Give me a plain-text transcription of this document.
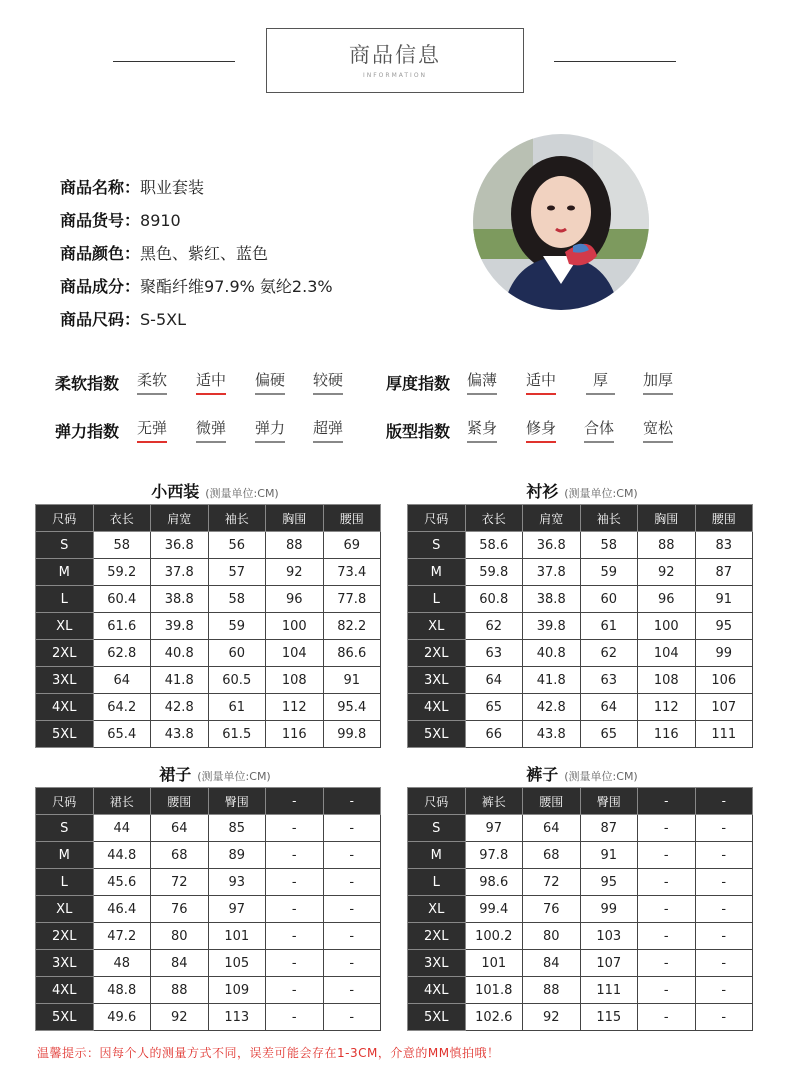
商品信息
INFORMATION
商品名称：职业套装
商品货号：8910
商品颜色：黑色、紫红、蓝色
商品成分：聚酯纤维97.9% 氨纶2.3%
商品尺码：S-5XL
柔软指数 柔软 适中 偏硬 较硬	厚度指数 偏薄 适中	厚	加厚
弹力指数 无弹 微弹 弹力 超弹	版型指数 紧身 修身 合体 宽松
小西装 (测量单位:CM)
尺码	衣长	肩宽	袖长	胸围	腰围
S	58	36.8	56	88	69
M	59.2	37.8	57	92	73.4
L	60.4	38.8	58	96	77.8
XL	61.6	39.8	59	100	82.2
2XL	62.8	40.8	60	104	86.6
3XL	64	41.8	60.5	108	91
4XL	64.2	42.8	61	112	95.4
5XL	65.4	43.8	61.5	116	99.8
衬衫 (测量单位:CM)
尺码	衣长	肩宽	袖长	胸围	腰围
S	58.6	36.8	58	88	83
M	59.8	37.8	59	92	87
L	60.8	38.8	60	96	91
XL	62	39.8	61	100	95
2XL	63	40.8	62	104	99
3XL	64	41.8	63	108	106
4XL	65	42.8	64	112	107
5XL	66	43.8	65	116	111
裙子 (测量单位:CM)
尺码	裙长	腰围	臀围	-	-
S	44	64	85	-	-
M	44.8	68	89	-	-
L	45.6	72	93	-	-
XL	46.4	76	97	-	-
2XL	47.2	80	101	-	-
3XL	48	84	105	-	-
4XL	48.8	88	109	-	-
5XL	49.6	92	113	-	-
裤子 (测量单位:CM)
尺码	裤长	腰围	臀围	-	-
S	97	64	87	-	-
M	97.8	68	91	-	-
L	98.6	72	95	-	-
XL	99.4	76	99	-	-
2XL	100.2	80	103	-	-
3XL	101	84	107	-	-
4XL	101.8	88	111	-	-
5XL	102.6	92	115	-	-
温馨提示：因每个人的测量方式不同，误差可能会存在1-3CM，介意的MM慎拍哦！
